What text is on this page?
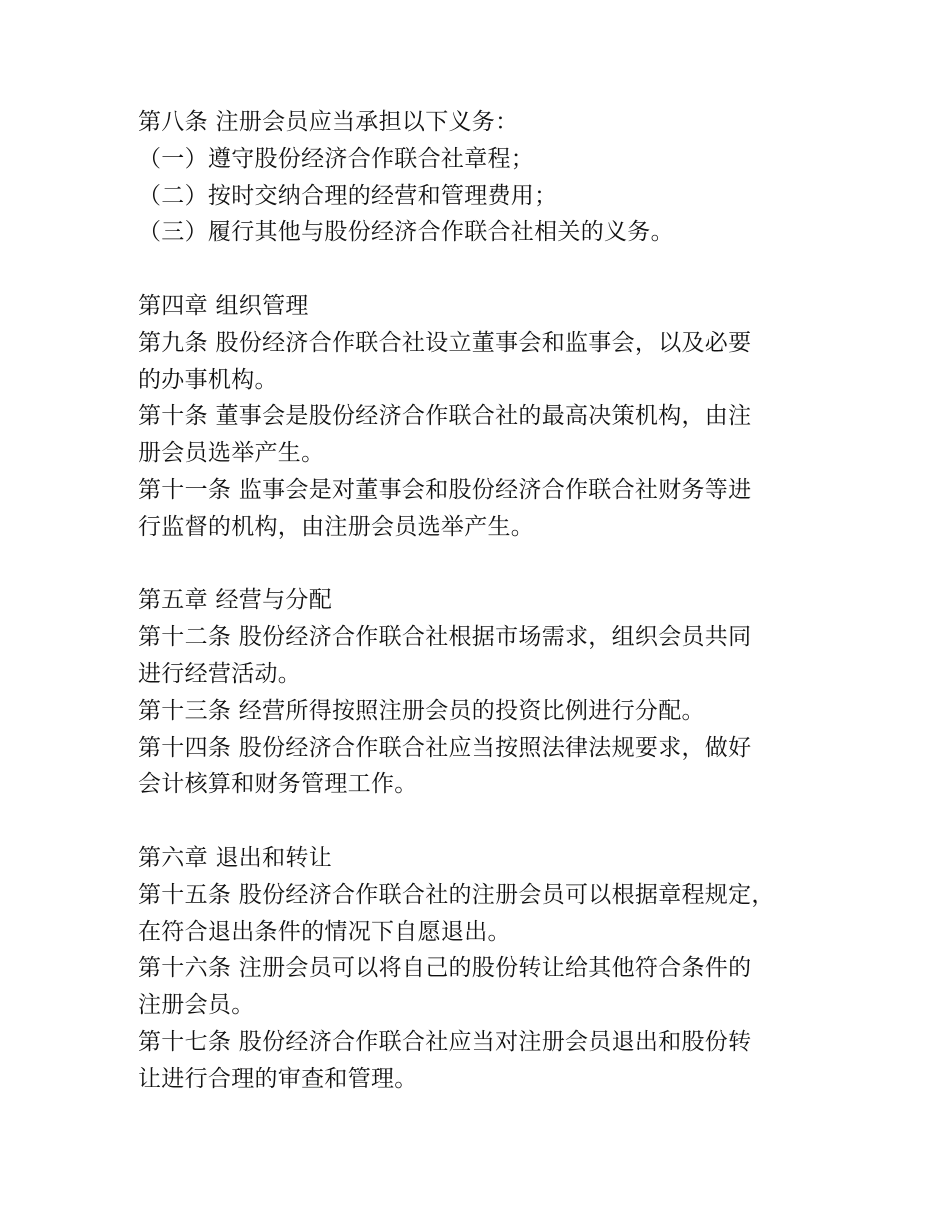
第八条 注册会员应当承担以下义务：
（一）遵守股份经济合作联合社章程；
（二）按时交纳合理的经营和管理费用；
（三）履行其他与股份经济合作联合社相关的义务。
第四章 组织管理
第九条 股份经济合作联合社设立董事会和监事会，以及必要
的办事机构。
第十条 董事会是股份经济合作联合社的最高决策机构，由注
册会员选举产生。
第十一条 监事会是对董事会和股份经济合作联合社财务等进
行监督的机构，由注册会员选举产生。
第五章 经营与分配
第十二条 股份经济合作联合社根据市场需求，组织会员共同
进行经营活动。
第十三条 经营所得按照注册会员的投资比例进行分配。
第十四条 股份经济合作联合社应当按照法律法规要求，做好
会计核算和财务管理工作。
第六章 退出和转让
第十五条 股份经济合作联合社的注册会员可以根据章程规定，
在符合退出条件的情况下自愿退出。
第十六条 注册会员可以将自己的股份转让给其他符合条件的
注册会员。
第十七条 股份经济合作联合社应当对注册会员退出和股份转
让进行合理的审查和管理。
